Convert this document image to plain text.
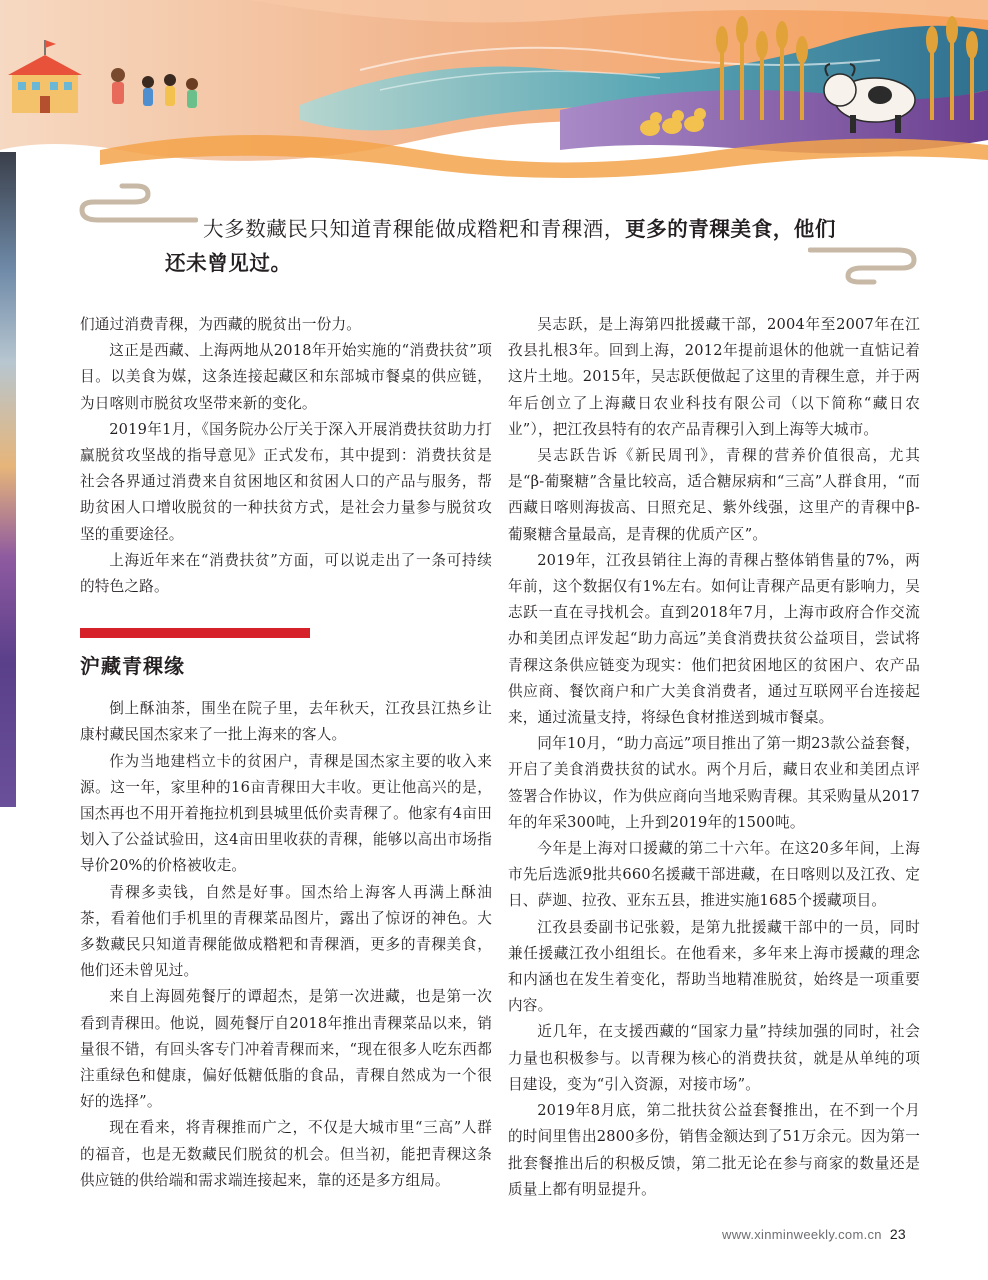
大多数藏民只知道青稞能做成糌粑和青稞酒，更多的青稞美食，他们还未曾见过。

们通过消费青稞，为西藏的脱贫出一份力。

这正是西藏、上海两地从2018年开始实施的“消费扶贫”项目。以美食为媒，这条连接起藏区和东部城市餐桌的供应链，为日喀则市脱贫攻坚带来新的变化。

2019年1月，《国务院办公厅关于深入开展消费扶贫助力打赢脱贫攻坚战的指导意见》正式发布，其中提到：消费扶贫是社会各界通过消费来自贫困地区和贫困人口的产品与服务，帮助贫困人口增收脱贫的一种扶贫方式，是社会力量参与脱贫攻坚的重要途径。

上海近年来在“消费扶贫”方面，可以说走出了一条可持续的特色之路。

沪藏青稞缘

倒上酥油茶，围坐在院子里，去年秋天，江孜县江热乡让康村藏民国杰家来了一批上海来的客人。

作为当地建档立卡的贫困户，青稞是国杰家主要的收入来源。这一年，家里种的16亩青稞田大丰收。更让他高兴的是，国杰再也不用开着拖拉机到县城里低价卖青稞了。他家有4亩田划入了公益试验田，这4亩田里收获的青稞，能够以高出市场指导价20%的价格被收走。

青稞多卖钱，自然是好事。国杰给上海客人再满上酥油茶，看着他们手机里的青稞菜品图片，露出了惊讶的神色。大多数藏民只知道青稞能做成糌粑和青稞酒，更多的青稞美食，他们还未曾见过。

来自上海圆苑餐厅的谭超杰，是第一次进藏，也是第一次看到青稞田。他说，圆苑餐厅自2018年推出青稞菜品以来，销量很不错，有回头客专门冲着青稞而来，“现在很多人吃东西都注重绿色和健康，偏好低糖低脂的食品，青稞自然成为一个很好的选择”。

现在看来，将青稞推而广之，不仅是大城市里“三高”人群的福音，也是无数藏民们脱贫的机会。但当初，能把青稞这条供应链的供给端和需求端连接起来，靠的还是多方组局。

吴志跃，是上海第四批援藏干部，2004年至2007年在江孜县扎根3年。回到上海，2012年提前退休的他就一直惦记着这片土地。2015年，吴志跃便做起了这里的青稞生意，并于两年后创立了上海藏日农业科技有限公司（以下简称“藏日农业”），把江孜县特有的农产品青稞引入到上海等大城市。

吴志跃告诉《新民周刊》，青稞的营养价值很高，尤其是“β-葡聚糖”含量比较高，适合糖尿病和“三高”人群食用，“而西藏日喀则海拔高、日照充足、紫外线强，这里产的青稞中β-葡聚糖含量最高，是青稞的优质产区”。

2019年，江孜县销往上海的青稞占整体销售量的7%，两年前，这个数据仅有1%左右。如何让青稞产品更有影响力，吴志跃一直在寻找机会。直到2018年7月，上海市政府合作交流办和美团点评发起“助力高远”美食消费扶贫公益项目，尝试将青稞这条供应链变为现实：他们把贫困地区的贫困户、农产品供应商、餐饮商户和广大美食消费者，通过互联网平台连接起来，通过流量支持，将绿色食材推送到城市餐桌。

同年10月，“助力高远”项目推出了第一期23款公益套餐，开启了美食消费扶贫的试水。两个月后，藏日农业和美团点评签署合作协议，作为供应商向当地采购青稞。其采购量从2017年的年采300吨，上升到2019年的1500吨。

今年是上海对口援藏的第二十六年。在这20多年间，上海市先后选派9批共660名援藏干部进藏，在日喀则以及江孜、定日、萨迦、拉孜、亚东五县，推进实施1685个援藏项目。

江孜县委副书记张毅，是第九批援藏干部中的一员，同时兼任援藏江孜小组组长。在他看来，多年来上海市援藏的理念和内涵也在发生着变化，帮助当地精准脱贫，始终是一项重要内容。

近几年，在支援西藏的“国家力量”持续加强的同时，社会力量也积极参与。以青稞为核心的消费扶贫，就是从单纯的项目建设，变为“引入资源，对接市场”。

2019年8月底，第二批扶贫公益套餐推出，在不到一个月的时间里售出2800多份，销售金额达到了51万余元。因为第一批套餐推出后的积极反馈，第二批无论在参与商家的数量还是质量上都有明显提升。

www.xinminweekly.com.cn 23
